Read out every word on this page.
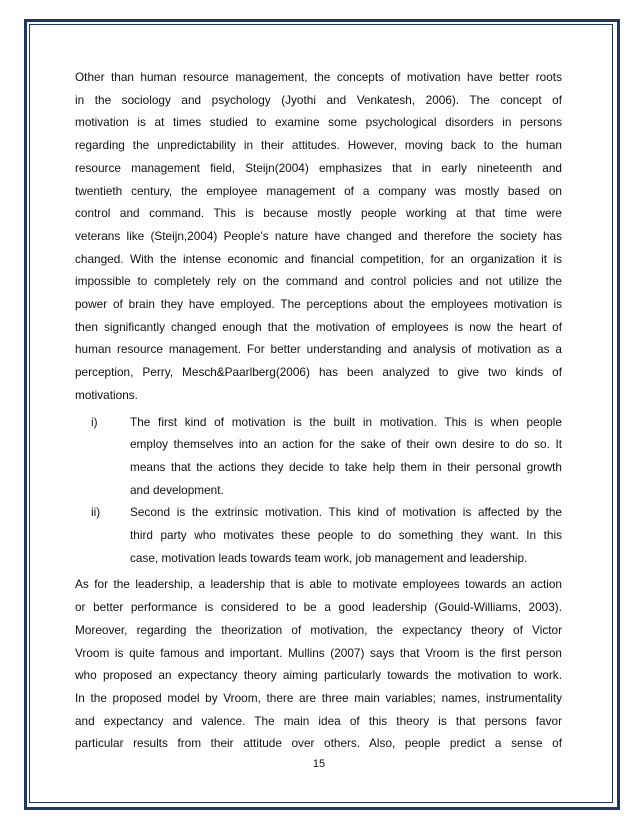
Other than human resource management, the concepts of motivation have better roots
in the sociology and psychology (Jyothi and Venkatesh, 2006). The concept of
motivation is at times studied to examine some psychological disorders in persons
regarding the unpredictability in their attitudes. However, moving back to the human
resource management field, Steijn(2004) emphasizes that in early nineteenth and
twentieth century, the employee management of a company was mostly based on
control and command. This is because mostly people working at that time were
veterans like (Steijn,2004) People’s nature have changed and therefore the society has
changed. With the intense economic and financial competition, for an organization it is
impossible to completely rely on the command and control policies and not utilize the
power of brain they have employed. The perceptions about the employees motivation is
then significantly changed enough that the motivation of employees is now the heart of
human resource management. For better understanding and analysis of motivation as a
perception, Perry, Mesch&Paarlberg(2006) has been analyzed to give two kinds of
motivations.

i)	The first kind of motivation is the built in motivation. This is when people
employ themselves into an action for the sake of their own desire to do so. It
means that the actions they decide to take help them in their personal growth
and development.
ii)	Second is the extrinsic motivation. This kind of motivation is affected by the
third party who motivates these people to do something they want. In this
case, motivation leads towards team work, job management and leadership.

As for the leadership, a leadership that is able to motivate employees towards an action
or better performance is considered to be a good leadership (Gould-Williams, 2003).
Moreover, regarding the theorization of motivation, the expectancy theory of Victor
Vroom is quite famous and important. Mullins (2007) says that Vroom is the first person
who proposed an expectancy theory aiming particularly towards the motivation to work.
In the proposed model by Vroom, there are three main variables; names, instrumentality
and expectancy and valence. The main idea of this theory is that persons favor
particular results from their attitude over others. Also, people predict a sense of

15
